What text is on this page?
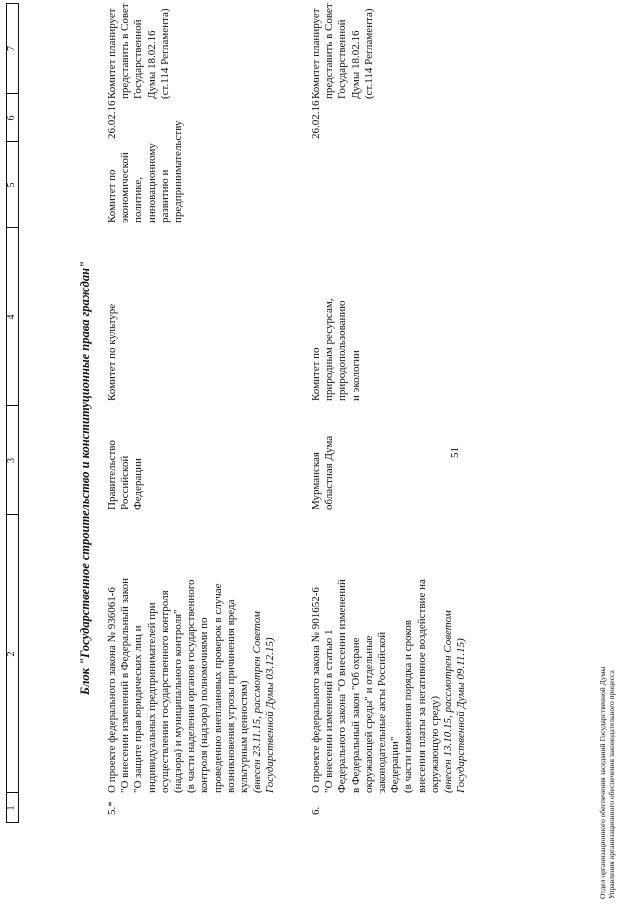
1
2
3
4
5
6
7
Блок "Государственное строительство и конституционные права граждан"
5.*
О проекте федерального закона № 936061-6 "О внесении изменений в Федеральный закон "О защите прав юридических лиц и индивидуальных предпринимателей при осуществлении государственного контроля (надзора) и муниципального контроля" (в части наделения органов государственного контроля (надзора) полномочиями по проведению внеплановых проверок в случае возникновения угрозы причинения вреда культурным ценностям) (внесен 23.11.15, рассмотрен Советом Государственной Думы 03.12.15)
Правительство Российской Федерации
Комитет по культуре
Комитет по экономической политике, инновационному развитию и предпринимательству
26.02.16
Комитет планирует представить в Совет Государственной Думы 18.02.16 (ст.114 Регламента)
6.
О проекте федерального закона № 901652-6 "О внесении изменений в статью 1 Федерального закона "О внесении изменений в Федеральный закон "Об охране окружающей среды" и отдельные законодательные акты Российской Федерации" (в части изменения порядка и сроков внесения платы за негативное воздействие на окружающую среду) (внесен 13.10.15, рассмотрен Советом Государственной Думы 09.11.15)
Мурманская областная Дума
Комитет по природным ресурсам, природопользованию и экологии
26.02.16
Комитет планирует представить в Совет Государственной Думы 18.02.16 (ст.114 Регламента)
51
Отдел организационного обеспечения заседаний Государственной Думы Управления организационного обеспечения законодательного процесса
